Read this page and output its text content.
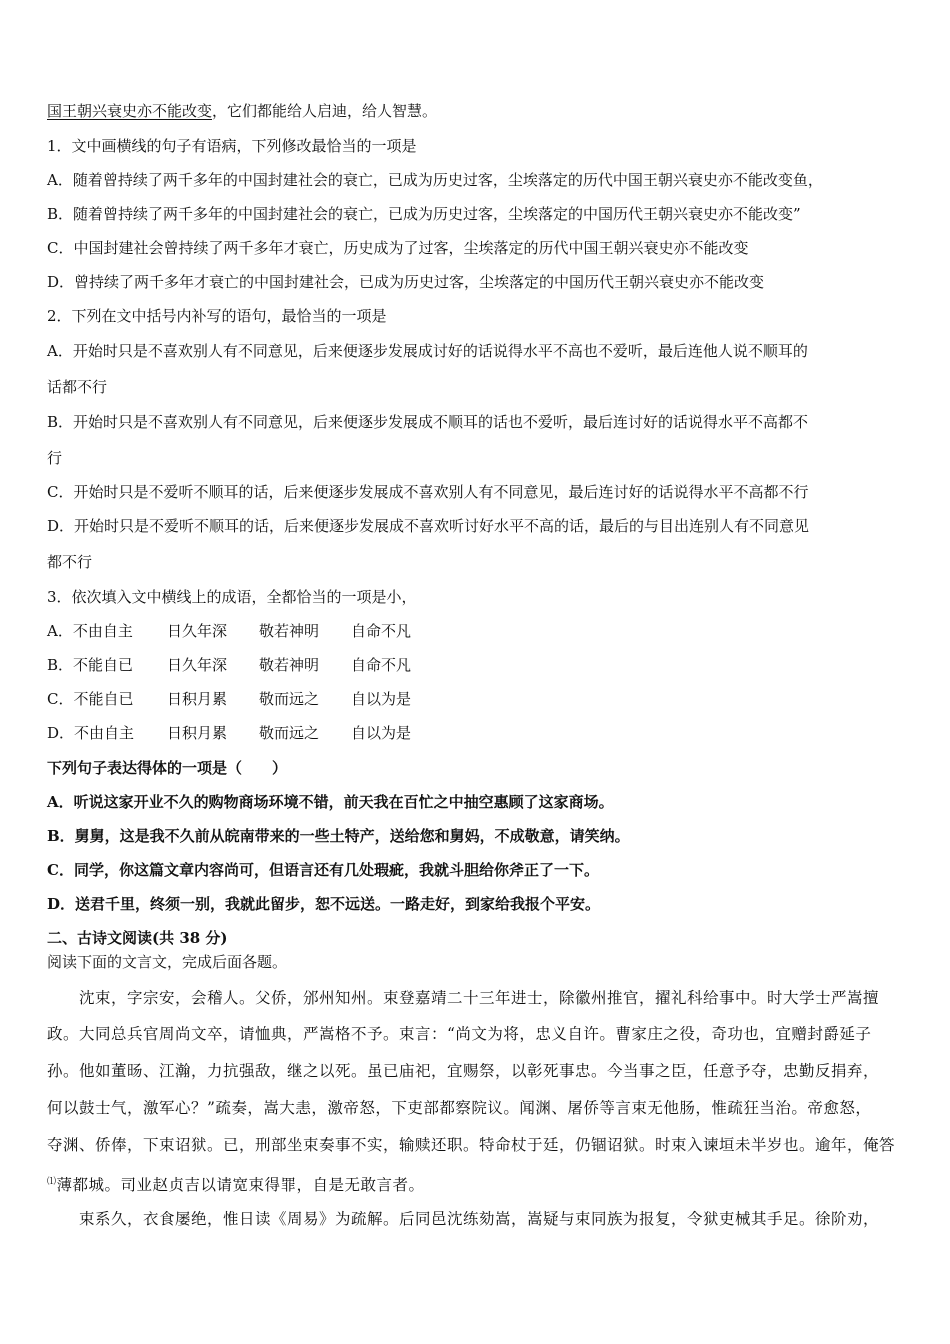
国王朝兴衰史亦不能改变，它们都能给人启迪，给人智慧。
1．文中画横线的句子有语病，下列修改最恰当的一项是
A．随着曾持续了两千多年的中国封建社会的衰亡，已成为历史过客，尘埃落定的历代中国王朝兴衰史亦不能改变鱼，
B．随着曾持续了两千多年的中国封建社会的衰亡，已成为历史过客，尘埃落定的中国历代王朝兴衰史亦不能改变”
C．中国封建社会曾持续了两千多年才衰亡，历史成为了过客，尘埃落定的历代中国王朝兴衰史亦不能改变
D．曾持续了两千多年才衰亡的中国封建社会，已成为历史过客，尘埃落定的中国历代王朝兴衰史亦不能改变
2．下列在文中括号内补写的语句，最恰当的一项是
A．开始时只是不喜欢别人有不同意见，后来便逐步发展成讨好的话说得水平不高也不爱听，最后连他人说不顺耳的
话都不行
B．开始时只是不喜欢别人有不同意见，后来便逐步发展成不顺耳的话也不爱听，最后连讨好的话说得水平不高都不
行
C．开始时只是不爱听不顺耳的话，后来便逐步发展成不喜欢别人有不同意见，最后连讨好的话说得水平不高都不行
D．开始时只是不爱听不顺耳的话，后来便逐步发展成不喜欢听讨好水平不高的话，最后的与目出连别人有不同意见
都不行
3．依次填入文中横线上的成语，全都恰当的一项是小，
A．不由自主 日久年深 敬若神明 自命不凡
B．不能自已 日久年深 敬若神明 自命不凡
C．不能自已 日积月累 敬而远之 自以为是
D．不由自主 日积月累 敬而远之 自以为是
下列句子表达得体的一项是（　　）
A．听说这家开业不久的购物商场环境不错，前天我在百忙之中抽空惠顾了这家商场。
B．舅舅，这是我不久前从皖南带来的一些土特产，送给您和舅妈，不成敬意，请笑纳。
C．同学，你这篇文章内容尚可，但语言还有几处瑕疵，我就斗胆给你斧正了一下。
D．送君千里，终须一别，我就此留步，恕不远送。一路走好，到家给我报个平安。
二、古诗文阅读(共 38 分)
阅读下面的文言文，完成后面各题。
　　沈束，字宗安，会稽人。父侨，邠州知州。束登嘉靖二十三年进士，除徽州推官，擢礼科给事中。时大学士严嵩擅
政。大同总兵官周尚文卒，请恤典，严嵩格不予。束言：“尚文为将，忠义自许。曹家庄之役，奇功也，宜赠封爵延子
孙。他如董旸、江瀚，力抗强敌，继之以死。虽已庙祀，宜赐祭，以彰死事忠。今当事之臣，任意予夺，忠勤反捐弃，
何以鼓士气，激军心？”疏奏，嵩大恚，激帝怒，下吏部都察院议。闻渊、屠侨等言束无他肠，惟疏狂当治。帝愈怒，
夺渊、侨俸，下束诏狱。已，刑部坐束奏事不实，输赎还职。特命杖于廷，仍锢诏狱。时束入谏垣未半岁也。逾年，俺答
⑴薄都城。司业赵贞吉以请宽束得罪，自是无敢言者。
　　束系久，衣食屡绝，惟日读《周易》为疏解。后同邑沈练劾嵩，嵩疑与束同族为报复，令狱吏械其手足。徐阶劝，
